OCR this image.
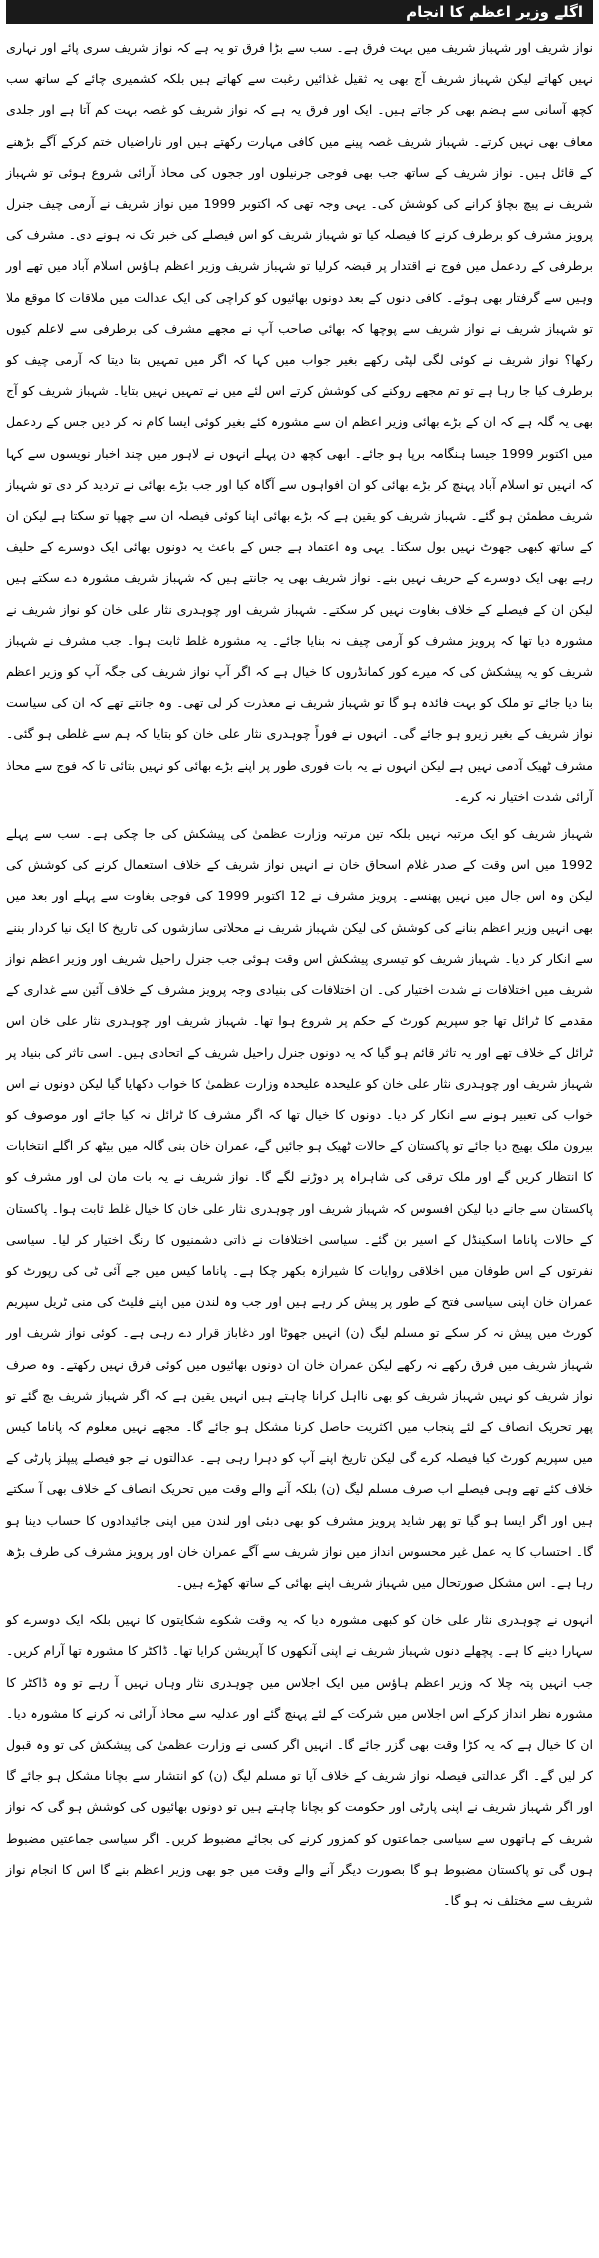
اگلے وزیر اعظم کا انجام

نواز شریف اور شہباز شریف میں بہت فرق ہے۔ سب سے بڑا فرق تو یہ ہے کہ نواز شریف سری پائے اور نہاری نہیں کھاتے لیکن شہباز شریف آج بھی یہ ثقیل غذائیں رغبت سے کھاتے ہیں بلکہ کشمیری چائے کے ساتھ سب کچھ آسانی سے ہضم بھی کر جاتے ہیں۔ ایک اور فرق یہ ہے کہ نواز شریف کو غصہ بہت کم آتا ہے اور جلدی معاف بھی نہیں کرتے۔ شہباز شریف غصہ پینے میں کافی مہارت رکھتے ہیں اور ناراضیاں ختم کرکے آگے بڑھنے کے قائل ہیں۔ نواز شریف کے ساتھ جب بھی فوجی جرنیلوں اور ججوں کی محاذ آرائی شروع ہوئی تو شہباز شریف نے پیچ بچاؤ کرانے کی کوشش کی۔ یہی وجہ تھی کہ اکتوبر 1999 میں نواز شریف نے آرمی چیف جنرل پرویز مشرف کو برطرف کرنے کا فیصلہ کیا تو شہباز شریف کو اس فیصلے کی خبر تک نہ ہونے دی۔ مشرف کی برطرفی کے ردعمل میں فوج نے اقتدار پر قبضہ کرلیا تو شہباز شریف وزیر اعظم ہاؤس اسلام آباد میں تھے اور وہیں سے گرفتار بھی ہوئے۔ کافی دنوں کے بعد دونوں بھائیوں کو کراچی کی ایک عدالت میں ملاقات کا موقع ملا تو شہباز شریف نے نواز شریف سے پوچھا کہ بھائی صاحب آپ نے مجھے مشرف کی برطرفی سے لاعلم کیوں رکھا؟ نواز شریف نے کوئی لگی لپٹی رکھے بغیر جواب میں کہا کہ اگر میں تمہیں بتا دیتا کہ آرمی چیف کو برطرف کیا جا رہا ہے تو تم مجھے روکنے کی کوشش کرتے اس لئے میں نے تمہیں نہیں بتایا۔ شہباز شریف کو آج بھی یہ گلہ ہے کہ ان کے بڑے بھائی وزیر اعظم ان سے مشورہ کئے بغیر کوئی ایسا کام نہ کر دیں جس کے ردعمل میں اکتوبر 1999 جیسا ہنگامہ برپا ہو جائے۔ ابھی کچھ دن پہلے انہوں نے لاہور میں چند اخبار نویسوں سے کہا کہ انہیں تو اسلام آباد پہنچ کر بڑے بھائی کو ان افواہوں سے آگاہ کیا اور جب بڑے بھائی نے تردید کر دی تو شہباز شریف مطمئن ہو گئے۔ شہباز شریف کو یقین ہے کہ بڑے بھائی اپنا کوئی فیصلہ ان سے چھپا تو سکتا ہے لیکن ان کے ساتھ کبھی جھوٹ نہیں بول سکتا۔ یہی وہ اعتماد ہے جس کے باعث یہ دونوں بھائی ایک دوسرے کے حلیف رہے بھی ایک دوسرے کے حریف نہیں بنے۔ نواز شریف بھی یہ جانتے ہیں کہ شہباز شریف مشورہ دے سکتے ہیں لیکن ان کے فیصلے کے خلاف بغاوت نہیں کر سکتے۔ شہباز شریف اور چوہدری نثار علی خان کو نواز شریف نے مشورہ دیا تھا کہ پرویز مشرف کو آرمی چیف نہ بنایا جائے۔ یہ مشورہ غلط ثابت ہوا۔ جب مشرف نے شہباز شریف کو یہ پیشکش کی کہ میرے کور کمانڈروں کا خیال ہے کہ اگر آپ نواز شریف کی جگہ آپ کو وزیر اعظم بنا دیا جائے تو ملک کو بہت فائدہ ہو گا تو شہباز شریف نے معذرت کر لی تھی۔ وہ جانتے تھے کہ ان کی سیاست نواز شریف کے بغیر زیرو ہو جائے گی۔ انہوں نے فوراً چوہدری نثار علی خان کو بتایا کہ ہم سے غلطی ہو گئی۔ مشرف ٹھیک آدمی نہیں ہے لیکن انہوں نے یہ بات فوری طور پر اپنے بڑے بھائی کو نہیں بتائی تا کہ فوج سے محاذ آرائی شدت اختیار نہ کرے۔

شہباز شریف کو ایک مرتبہ نہیں بلکہ تین مرتبہ وزارت عظمیٰ کی پیشکش کی جا چکی ہے۔ سب سے پہلے 1992 میں اس وقت کے صدر غلام اسحاق خان نے انہیں نواز شریف کے خلاف استعمال کرنے کی کوشش کی لیکن وہ اس جال میں نہیں پھنسے۔ پرویز مشرف نے 12 اکتوبر 1999 کی فوجی بغاوت سے پہلے اور بعد میں بھی انہیں وزیر اعظم بنانے کی کوشش کی لیکن شہباز شریف نے محلاتی سازشوں کی تاریخ کا ایک نیا کردار بننے سے انکار کر دیا۔ شہباز شریف کو تیسری پیشکش اس وقت ہوئی جب جنرل راحیل شریف اور وزیر اعظم نواز شریف میں اختلافات نے شدت اختیار کی۔ ان اختلافات کی بنیادی وجہ پرویز مشرف کے خلاف آئین سے غداری کے مقدمے کا ٹرائل تھا جو سپریم کورٹ کے حکم پر شروع ہوا تھا۔ شہباز شریف اور چوہدری نثار علی خان اس ٹرائل کے خلاف تھے اور یہ تاثر قائم ہو گیا کہ یہ دونوں جنرل راحیل شریف کے اتحادی ہیں۔ اسی تاثر کی بنیاد پر شہباز شریف اور چوہدری نثار علی خان کو علیحدہ علیحدہ وزارت عظمیٰ کا خواب دکھایا گیا لیکن دونوں نے اس خواب کی تعبیر ہونے سے انکار کر دیا۔ دونوں کا خیال تھا کہ اگر مشرف کا ٹرائل نہ کیا جائے اور موصوف کو بیرون ملک بھیج دیا جائے تو پاکستان کے حالات ٹھیک ہو جائیں گے، عمران خان بنی گالہ میں بیٹھ کر اگلے انتخابات کا انتظار کریں گے اور ملک ترقی کی شاہراہ پر دوڑنے لگے گا۔ نواز شریف نے یہ بات مان لی اور مشرف کو پاکستان سے جانے دیا لیکن افسوس کہ شہباز شریف اور چوہدری نثار علی خان کا خیال غلط ثابت ہوا۔ پاکستان کے حالات پاناما اسکینڈل کے اسیر بن گئے۔ سیاسی اختلافات نے ذاتی دشمنیوں کا رنگ اختیار کر لیا۔ سیاسی نفرتوں کے اس طوفان میں اخلاقی روایات کا شیرازہ بکھر چکا ہے۔ پاناما کیس میں جے آئی ٹی کی رپورٹ کو عمران خان اپنی سیاسی فتح کے طور پر پیش کر رہے ہیں اور جب وہ لندن میں اپنے فلیٹ کی منی ٹریل سپریم کورٹ میں پیش نہ کر سکے تو مسلم لیگ (ن) انہیں جھوٹا اور دغاباز قرار دے رہی ہے۔ کوئی نواز شریف اور شہباز شریف میں فرق رکھے نہ رکھے لیکن عمران خان ان دونوں بھائیوں میں کوئی فرق نہیں رکھتے۔ وہ صرف نواز شریف کو نہیں شہباز شریف کو بھی نااہل کرانا چاہتے ہیں انہیں یقین ہے کہ اگر شہباز شریف بچ گئے تو پھر تحریک انصاف کے لئے پنجاب میں اکثریت حاصل کرنا مشکل ہو جائے گا۔ مجھے نہیں معلوم کہ پاناما کیس میں سپریم کورٹ کیا فیصلہ کرے گی لیکن تاریخ اپنے آپ کو دہرا رہی ہے۔ عدالتوں نے جو فیصلے پیپلز پارٹی کے خلاف کئے تھے وہی فیصلے اب صرف مسلم لیگ (ن) بلکہ آنے والے وقت میں تحریک انصاف کے خلاف بھی آ سکتے ہیں اور اگر ایسا ہو گیا تو پھر شاید پرویز مشرف کو بھی دبئی اور لندن میں اپنی جائیدادوں کا حساب دینا ہو گا۔ احتساب کا یہ عمل غیر محسوس انداز میں نواز شریف سے آگے عمران خان اور پرویز مشرف کی طرف بڑھ رہا ہے۔ اس مشکل صورتحال میں شہباز شریف اپنے بھائی کے ساتھ کھڑے ہیں۔

انہوں نے چوہدری نثار علی خان کو کبھی مشورہ دیا کہ یہ وقت شکوے شکایتوں کا نہیں بلکہ ایک دوسرے کو سہارا دینے کا ہے۔ پچھلے دنوں شہباز شریف نے اپنی آنکھوں کا آپریشن کرایا تھا۔ ڈاکٹر کا مشورہ تھا آرام کریں۔ جب انہیں پتہ چلا کہ وزیر اعظم ہاؤس میں ایک اجلاس میں چوہدری نثار وہاں نہیں آ رہے تو وہ ڈاکٹر کا مشورہ نظر انداز کرکے اس اجلاس میں شرکت کے لئے پہنچ گئے اور عدلیہ سے محاذ آرائی نہ کرنے کا مشورہ دیا۔ ان کا خیال ہے کہ یہ کڑا وقت بھی گزر جائے گا۔ انہیں اگر کسی نے وزارت عظمیٰ کی پیشکش کی تو وہ قبول کر لیں گے۔ اگر عدالتی فیصلہ نواز شریف کے خلاف آیا تو مسلم لیگ (ن) کو انتشار سے بچانا مشکل ہو جائے گا اور اگر شہباز شریف نے اپنی پارٹی اور حکومت کو بچانا چاہتے ہیں تو دونوں بھائیوں کی کوشش ہو گی کہ نواز شریف کے ہاتھوں سے سیاسی جماعتوں کو کمزور کرنے کی بجائے مضبوط کریں۔ اگر سیاسی جماعتیں مضبوط ہوں گی تو پاکستان مضبوط ہو گا بصورت دیگر آنے والے وقت میں جو بھی وزیر اعظم بنے گا اس کا انجام نواز شریف سے مختلف نہ ہو گا۔
